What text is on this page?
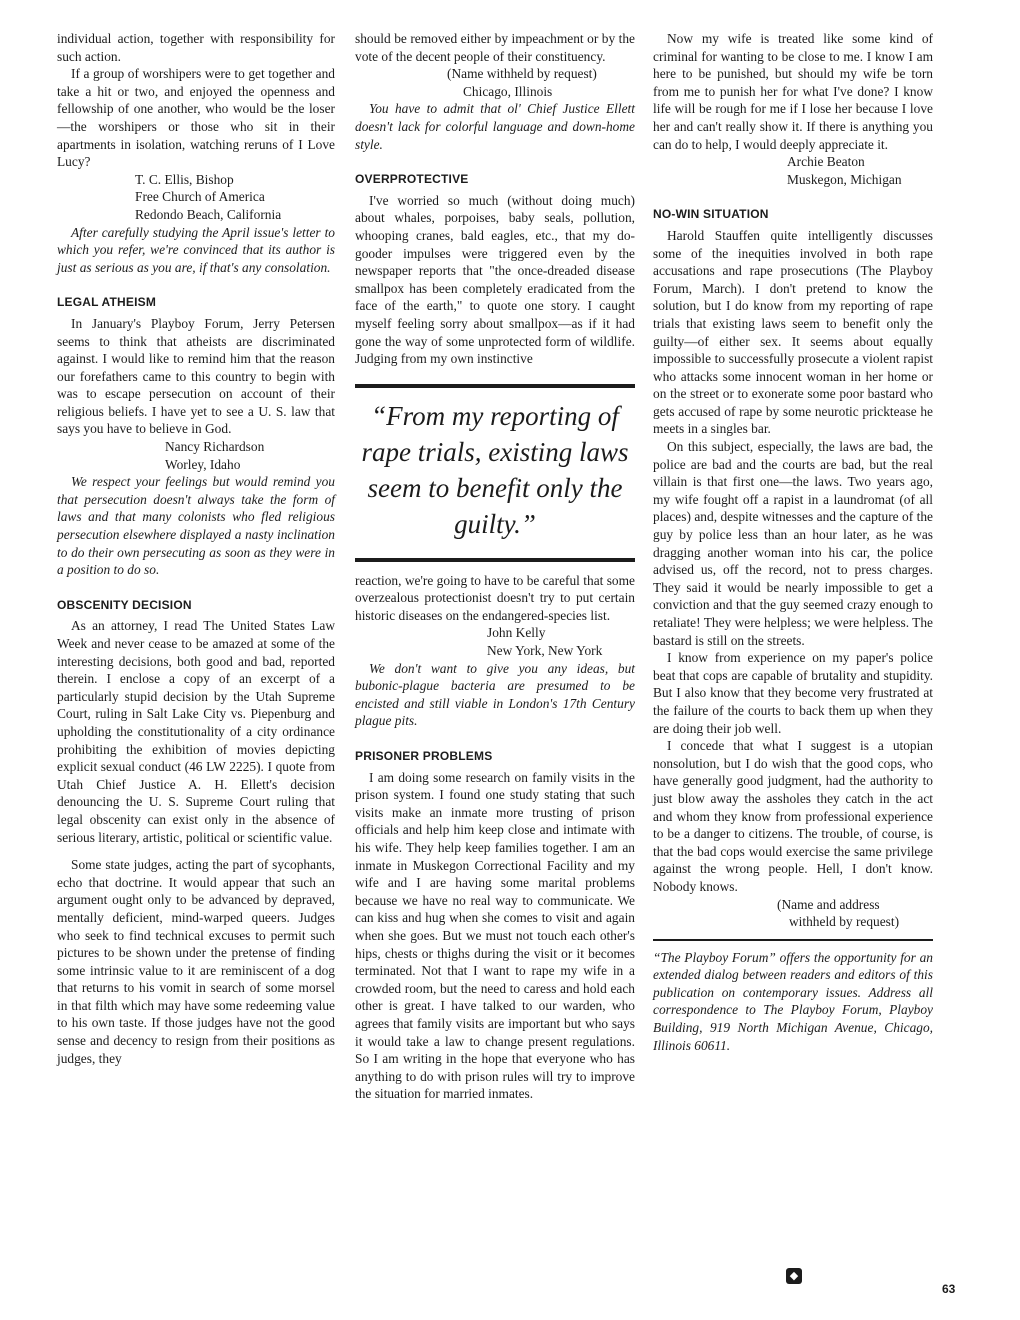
individual action, together with responsibility for such action.

If a group of worshipers were to get together and take a hit or two, and enjoyed the openness and fellowship of one another, who would be the loser—the worshipers or those who sit in their apartments in isolation, watching reruns of I Love Lucy?

T. C. Ellis, Bishop
Free Church of America
Redondo Beach, California

After carefully studying the April issue's letter to which you refer, we're convinced that its author is just as serious as you are, if that's any consolation.

LEGAL ATHEISM

In January's Playboy Forum, Jerry Petersen seems to think that atheists are discriminated against. I would like to remind him that the reason our forefathers came to this country to begin with was to escape persecution on account of their religious beliefs. I have yet to see a U. S. law that says you have to believe in God.

Nancy Richardson
Worley, Idaho

We respect your feelings but would remind you that persecution doesn't always take the form of laws and that many colonists who fled religious persecution elsewhere displayed a nasty inclination to do their own persecuting as soon as they were in a position to do so.

OBSCENITY DECISION

As an attorney, I read The United States Law Week and never cease to be amazed at some of the interesting decisions, both good and bad, reported therein. I enclose a copy of an excerpt of a particularly stupid decision by the Utah Supreme Court, ruling in Salt Lake City vs. Piepenburg and upholding the constitutionality of a city ordinance prohibiting the exhibition of movies depicting explicit sexual conduct (46 LW 2225). I quote from Utah Chief Justice A. H. Ellett's decision denouncing the U. S. Supreme Court ruling that legal obscenity can exist only in the absence of serious literary, artistic, political or scientific value.

Some state judges, acting the part of sycophants, echo that doctrine. It would appear that such an argument ought only to be advanced by depraved, mentally deficient, mind-warped queers. Judges who seek to find technical excuses to permit such pictures to be shown under the pretense of finding some intrinsic value to it are reminiscent of a dog that returns to his vomit in search of some morsel in that filth which may have some redeeming value to his own taste. If those judges have not the good sense and decency to resign from their positions as judges, they

should be removed either by impeachment or by the vote of the decent people of their constituency.

(Name withheld by request)
Chicago, Illinois

You have to admit that ol' Chief Justice Ellett doesn't lack for colorful language and down-home style.

OVERPROTECTIVE

I've worried so much (without doing much) about whales, porpoises, baby seals, pollution, whooping cranes, bald eagles, etc., that my do-gooder impulses were triggered even by the newspaper reports that "the once-dreaded disease smallpox has been completely eradicated from the face of the earth," to quote one story. I caught myself feeling sorry about smallpox—as if it had gone the way of some unprotected form of wildlife. Judging from my own instinctive

“From my reporting of rape trials, existing laws seem to benefit only the guilty.”

reaction, we're going to have to be careful that some overzealous protectionist doesn't try to put certain historic diseases on the endangered-species list.

John Kelly
New York, New York

We don't want to give you any ideas, but bubonic-plague bacteria are presumed to be encisted and still viable in London's 17th Century plague pits.

PRISONER PROBLEMS

I am doing some research on family visits in the prison system. I found one study stating that such visits make an inmate more trusting of prison officials and help him keep close and intimate with his wife. They help keep families together. I am an inmate in Muskegon Correctional Facility and my wife and I are having some marital problems because we have no real way to communicate. We can kiss and hug when she comes to visit and again when she goes. But we must not touch each other's hips, chests or thighs during the visit or it becomes terminated. Not that I want to rape my wife in a crowded room, but the need to caress and hold each other is great. I have talked to our warden, who agrees that family visits are important but who says it would take a law to change present regulations. So I am writing in the hope that everyone who has anything to do with prison rules will try to improve the situation for married inmates.

Now my wife is treated like some kind of criminal for wanting to be close to me. I know I am here to be punished, but should my wife be torn from me to punish her for what I've done? I know life will be rough for me if I lose her because I love her and can't really show it. If there is anything you can do to help, I would deeply appreciate it.

Archie Beaton
Muskegon, Michigan
NO-WIN SITUATION

Harold Stauffen quite intelligently discusses some of the inequities involved in both rape accusations and rape prosecutions (The Playboy Forum, March). I don't pretend to know the solution, but I do know from my reporting of rape trials that existing laws seem to benefit only the guilty—of either sex. It seems about equally impossible to successfully prosecute a violent rapist who attacks some innocent woman in her home or on the street or to exonerate some poor bastard who gets accused of rape by some neurotic pricktease he meets in a singles bar.

On this subject, especially, the laws are bad, the police are bad and the courts are bad, but the real villain is that first one—the laws. Two years ago, my wife fought off a rapist in a laundromat (of all places) and, despite witnesses and the capture of the guy by police less than an hour later, as he was dragging another woman into his car, the police advised us, off the record, not to press charges. They said it would be nearly impossible to get a conviction and that the guy seemed crazy enough to retaliate! They were helpless; we were helpless. The bastard is still on the streets.

I know from experience on my paper's police beat that cops are capable of brutality and stupidity. But I also know that they become very frustrated at the failure of the courts to back them up when they are doing their job well.

I concede that what I suggest is a utopian nonsolution, but I do wish that the good cops, who have generally good judgment, had the authority to just blow away the assholes they catch in the act and whom they know from professional experience to be a danger to citizens. The trouble, of course, is that the bad cops would exercise the same privilege against the wrong people. Hell, I don't know. Nobody knows.

(Name and address
withheld by request)

“The Playboy Forum” offers the opportunity for an extended dialog between readers and editors of this publication on contemporary issues. Address all correspondence to The Playboy Forum, Playboy Building, 919 North Michigan Avenue, Chicago, Illinois 60611.

◆
63
